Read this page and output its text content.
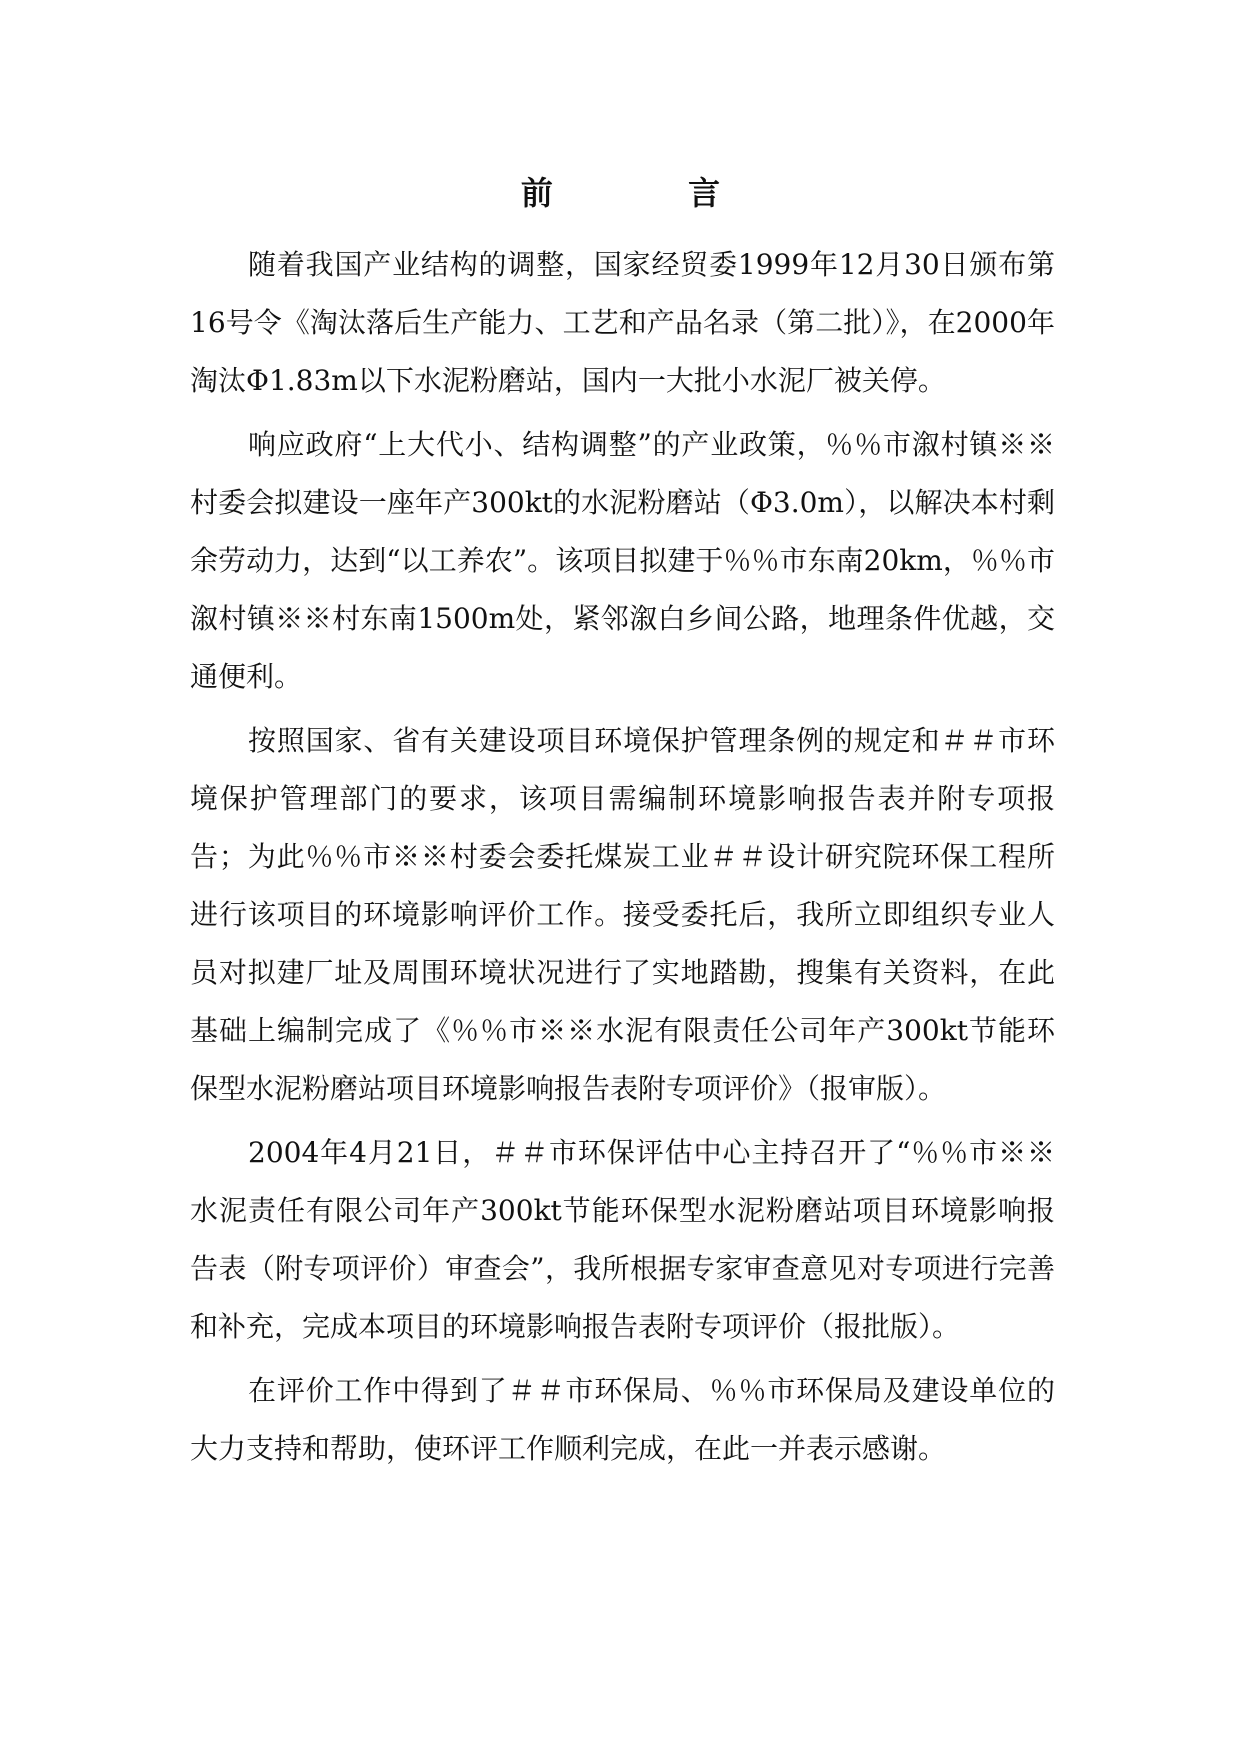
前 言

随着我国产业结构的调整，国家经贸委1999年12月30日颁布第16号令《淘汰落后生产能力、工艺和产品名录（第二批）》，在2000年淘汰Φ1.83m以下水泥粉磨站，国内一大批小水泥厂被关停。

响应政府“上大代小、结构调整”的产业政策，％％市溆村镇※※村委会拟建设一座年产300kt的水泥粉磨站（Φ3.0m），以解决本村剩余劳动力，达到“以工养农”。该项目拟建于％％市东南20km，％％市溆村镇※※村东南1500m处，紧邻溆白乡间公路，地理条件优越，交通便利。

按照国家、省有关建设项目环境保护管理条例的规定和＃＃市环境保护管理部门的要求，该项目需编制环境影响报告表并附专项报告；为此％％市※※村委会委托煤炭工业＃＃设计研究院环保工程所进行该项目的环境影响评价工作。接受委托后，我所立即组织专业人员对拟建厂址及周围环境状况进行了实地踏勘，搜集有关资料，在此基础上编制完成了《％％市※※水泥有限责任公司年产300kt节能环保型水泥粉磨站项目环境影响报告表附专项评价》（报审版）。

2004年4月21日，＃＃市环保评估中心主持召开了“％％市※※水泥责任有限公司年产300kt节能环保型水泥粉磨站项目环境影响报告表（附专项评价）审查会”，我所根据专家审查意见对专项进行完善和补充，完成本项目的环境影响报告表附专项评价（报批版）。

在评价工作中得到了＃＃市环保局、％％市环保局及建设单位的大力支持和帮助，使环评工作顺利完成，在此一并表示感谢。
